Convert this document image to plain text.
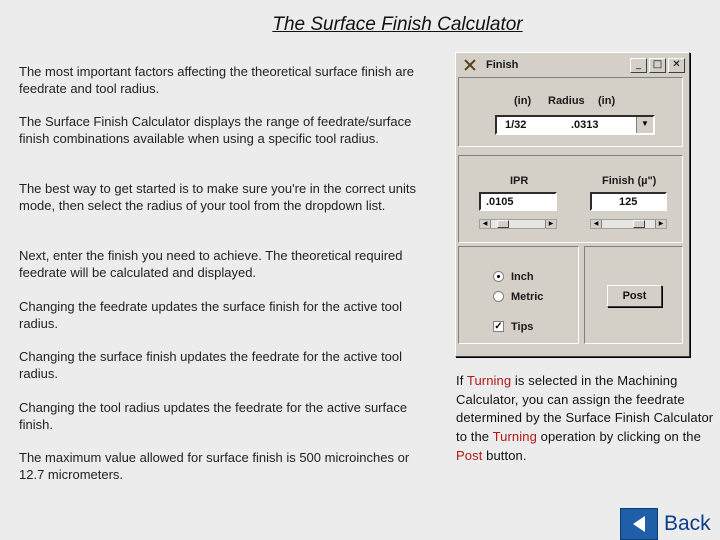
The Surface Finish Calculator
The most important factors affecting the theoretical surface finish are feedrate and tool radius.
The Surface Finish Calculator displays the range of feedrate/surface finish combinations available when using a specific tool radius.
The best way to get started is to make sure you're in the correct units mode, then select the radius of your tool from the dropdown list.
Next, enter the finish you need to achieve. The theoretical required feedrate will be calculated and displayed.
Changing the feedrate updates the surface finish for the active tool radius.
Changing the surface finish updates the feedrate for the active tool radius.
Changing the tool radius updates the feedrate for the active surface finish.
The maximum value allowed for surface finish is 500 microinches or 12.7 micrometers.
Finish	_	□	✕
(in) Radius (in)
1/32	.0313	▼
IPR	Finish (µ")
.0105	125
◀	▶	◀	▶
Inch
Metric
✓ Tips
Post
If Turning is selected in the Machining Calculator, you can assign the feedrate determined by the Surface Finish Calculator to the Turning operation by clicking on the Post button.
Back
